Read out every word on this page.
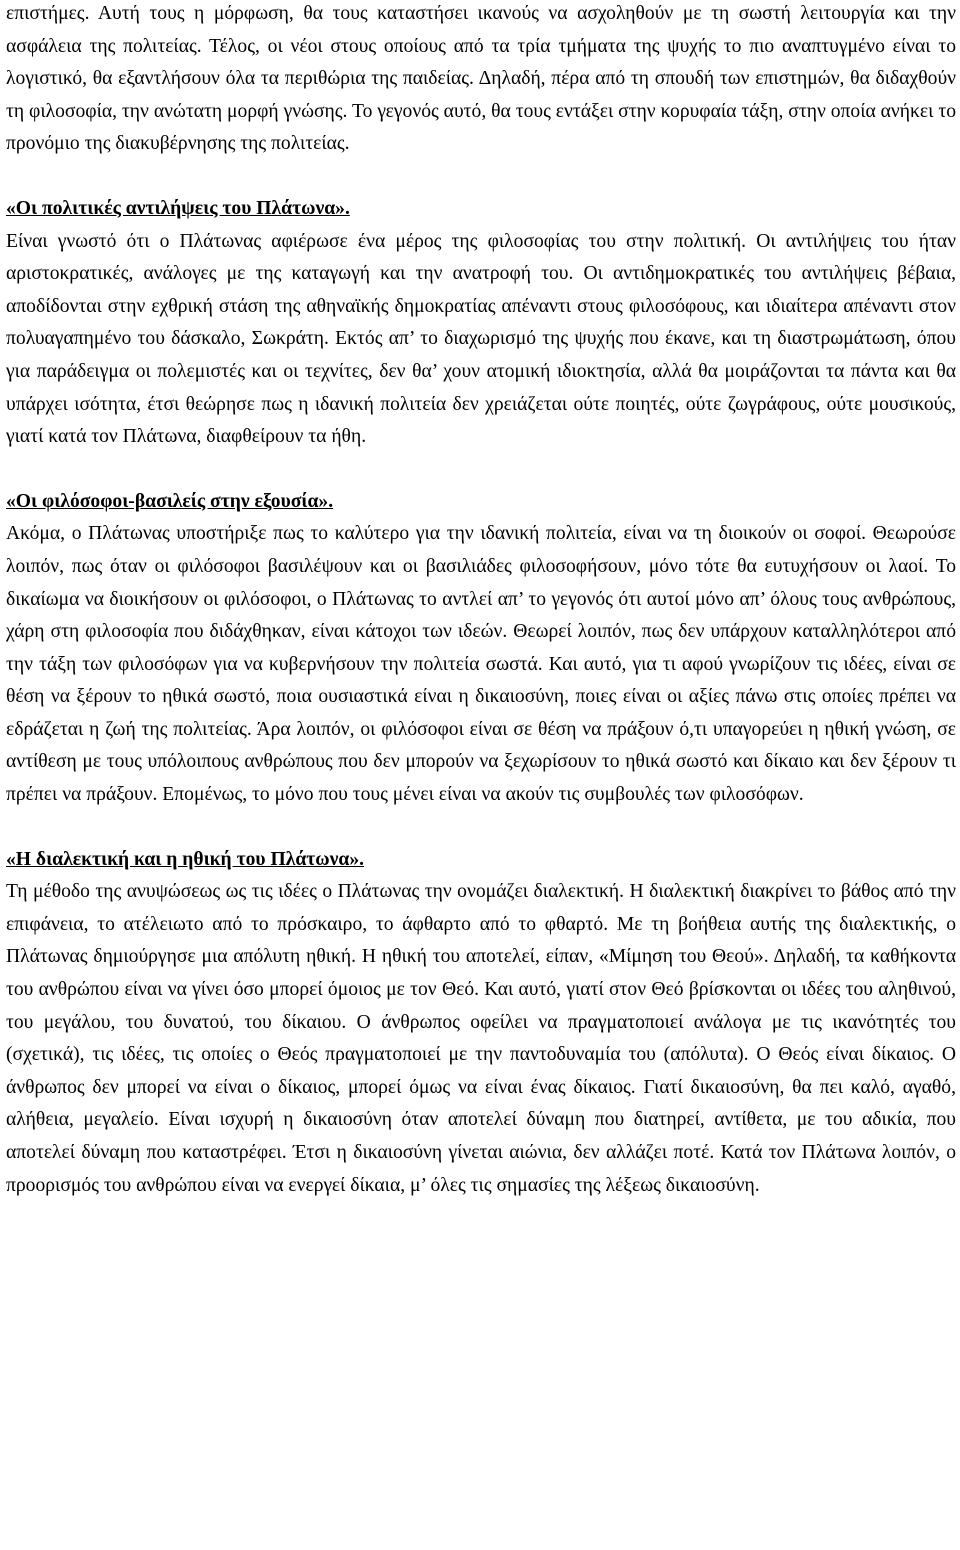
επιστήμες. Αυτή τους η μόρφωση, θα τους καταστήσει ικανούς να ασχοληθούν με τη σωστή λειτουργία και την ασφάλεια της πολιτείας. Τέλος, οι νέοι στους οποίους από τα τρία τμήματα της ψυχής το πιο αναπτυγμένο είναι το λογιστικό, θα εξαντλήσουν όλα τα περιθώρια της παιδείας. Δηλαδή, πέρα από τη σπουδή των επιστημών, θα διδαχθούν τη φιλοσοφία, την ανώτατη μορφή γνώσης. Το γεγονός αυτό, θα τους εντάξει στην κορυφαία τάξη, στην οποία ανήκει το προνόμιο της διακυβέρνησης της πολιτείας.

«Οι πολιτικές αντιλήψεις του Πλάτωνα».

Είναι γνωστό ότι ο Πλάτωνας αφιέρωσε ένα μέρος της φιλοσοφίας του στην πολιτική. Οι αντιλήψεις του ήταν αριστοκρατικές, ανάλογες με της καταγωγή και την ανατροφή του. Οι αντιδημοκρατικές του αντιλήψεις βέβαια, αποδίδονται στην εχθρική στάση της αθηναϊκής δημοκρατίας απέναντι στους φιλοσόφους, και ιδιαίτερα απέναντι στον πολυαγαπημένο του δάσκαλο, Σωκράτη. Εκτός απ’ το διαχωρισμό της ψυχής που έκανε, και τη διαστρωμάτωση, όπου για παράδειγμα οι πολεμιστές και οι τεχνίτες, δεν θα’ χουν ατομική ιδιοκτησία, αλλά θα μοιράζονται τα πάντα και θα υπάρχει ισότητα, έτσι θεώρησε πως η ιδανική πολιτεία δεν χρειάζεται ούτε ποιητές, ούτε ζωγράφους, ούτε μουσικούς, γιατί κατά τον Πλάτωνα, διαφθείρουν τα ήθη.

«Οι φιλόσοφοι-βασιλείς στην εξουσία».

Ακόμα, ο Πλάτωνας υποστήριξε πως το καλύτερο για την ιδανική πολιτεία, είναι να τη διοικούν οι σοφοί. Θεωρούσε λοιπόν, πως όταν οι φιλόσοφοι βασιλέψουν και οι βασιλιάδες φιλοσοφήσουν, μόνο τότε θα ευτυχήσουν οι λαοί. Το δικαίωμα να διοικήσουν οι φιλόσοφοι, ο Πλάτωνας το αντλεί απ’ το γεγονός ότι αυτοί μόνο απ’ όλους τους ανθρώπους, χάρη στη φιλοσοφία που διδάχθηκαν, είναι κάτοχοι των ιδεών. Θεωρεί λοιπόν, πως δεν υπάρχουν καταλληλότεροι από την τάξη των φιλοσόφων για να κυβερνήσουν την πολιτεία σωστά. Και αυτό, για τι αφού γνωρίζουν τις ιδέες, είναι σε θέση να ξέρουν το ηθικά σωστό, ποια ουσιαστικά είναι η δικαιοσύνη, ποιες είναι οι αξίες πάνω στις οποίες πρέπει να εδράζεται η ζωή της πολιτείας. Άρα λοιπόν, οι φιλόσοφοι είναι σε θέση να πράξουν ό,τι υπαγορεύει η ηθική γνώση, σε αντίθεση με τους υπόλοιπους ανθρώπους που δεν μπορούν να ξεχωρίσουν το ηθικά σωστό και δίκαιο και δεν ξέρουν τι πρέπει να πράξουν. Επομένως, το μόνο που τους μένει είναι να ακούν τις συμβουλές των φιλοσόφων.

«Η διαλεκτική και η ηθική του Πλάτωνα».

Τη μέθοδο της ανυψώσεως ως τις ιδέες ο Πλάτωνας την ονομάζει διαλεκτική. Η διαλεκτική διακρίνει το βάθος από την επιφάνεια, το ατέλειωτο από το πρόσκαιρο, το άφθαρτο από το φθαρτό. Με τη βοήθεια αυτής της διαλεκτικής, ο Πλάτωνας δημιούργησε μια απόλυτη ηθική. Η ηθική του αποτελεί, είπαν, «Μίμηση του Θεού». Δηλαδή, τα καθήκοντα του ανθρώπου είναι να γίνει όσο μπορεί όμοιος με τον Θεό. Και αυτό, γιατί στον Θεό βρίσκονται οι ιδέες του αληθινού, του μεγάλου, του δυνατού, του δίκαιου. Ο άνθρωπος οφείλει να πραγματοποιεί ανάλογα με τις ικανότητές του (σχετικά), τις ιδέες, τις οποίες ο Θεός πραγματοποιεί με την παντοδυναμία του (απόλυτα). Ο Θεός είναι δίκαιος. Ο άνθρωπος δεν μπορεί να είναι ο δίκαιος, μπορεί όμως να είναι ένας δίκαιος. Γιατί δικαιοσύνη, θα πει καλό, αγαθό, αλήθεια, μεγαλείο. Είναι ισχυρή η δικαιοσύνη όταν αποτελεί δύναμη που διατηρεί, αντίθετα, με του αδικία, που αποτελεί δύναμη που καταστρέφει. Έτσι η δικαιοσύνη γίνεται αιώνια, δεν αλλάζει ποτέ. Κατά τον Πλάτωνα λοιπόν, ο προορισμός του ανθρώπου είναι να ενεργεί δίκαια, μ’ όλες τις σημασίες της λέξεως δικαιοσύνη.
